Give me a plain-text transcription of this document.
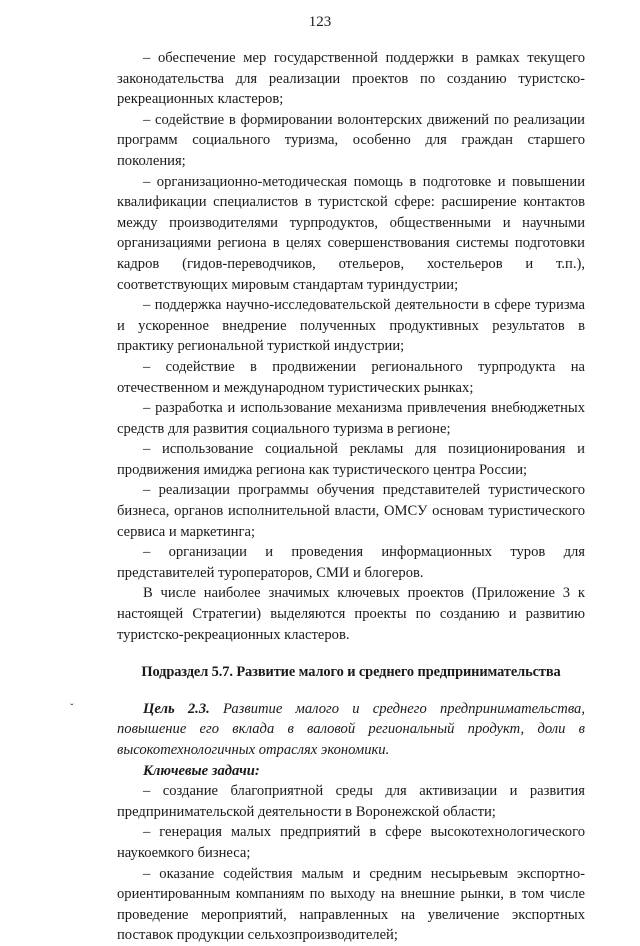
123
ˇ

– обеспечение мер государственной поддержки в рамках текущего законодательства для реализации проектов по созданию туристско-рекреационных кластеров;

– содействие в формировании волонтерских движений по реализации программ социального туризма, особенно для граждан старшего поколения;

– организационно-методическая помощь в подготовке и повышении квалификации специалистов в туристской сфере: расширение контактов между производителями турпродуктов, общественными и научными организациями региона в целях совершенствования системы подготовки кадров (гидов-переводчиков, отельеров, хостельеров и т.п.), соответствующих мировым стандартам туриндустрии;

– поддержка научно-исследовательской деятельности в сфере туризма и ускоренное внедрение полученных продуктивных результатов в практику региональной туристкой индустрии;

– содействие в продвижении регионального турпродукта на отечественном и международном туристических рынках;

– разработка и использование механизма привлечения внебюджетных средств для развития социального туризма в регионе;

– использование социальной рекламы для позиционирования и продвижения имиджа региона как туристического центра России;

– реализации программы обучения представителей туристического бизнеса, органов исполнительной власти, ОМСУ основам туристического сервиса и маркетинга;

– организации и проведения информационных туров для представителей туроператоров, СМИ и блогеров.

В числе наиболее значимых ключевых проектов (Приложение 3 к настоящей Стратегии) выделяются проекты по созданию и развитию туристско-рекреационных кластеров.

Подраздел 5.7. Развитие малого и среднего предпринимательства

Цель 2.3. Развитие малого и среднего предпринимательства, повышение его вклада в валовой региональный продукт, доли в высокотехнологичных отраслях экономики.

Ключевые задачи:

– создание благоприятной среды для активизации и развития предпринимательской деятельности в Воронежской области;

– генерация малых предприятий в сфере высокотехнологического наукоемкого бизнеса;

– оказание содействия малым и средним несырьевым экспортно-ориентированным компаниям по выходу на внешние рынки, в том числе проведение мероприятий, направленных на увеличение экспортных поставок продукции сельхозпроизводителей;
